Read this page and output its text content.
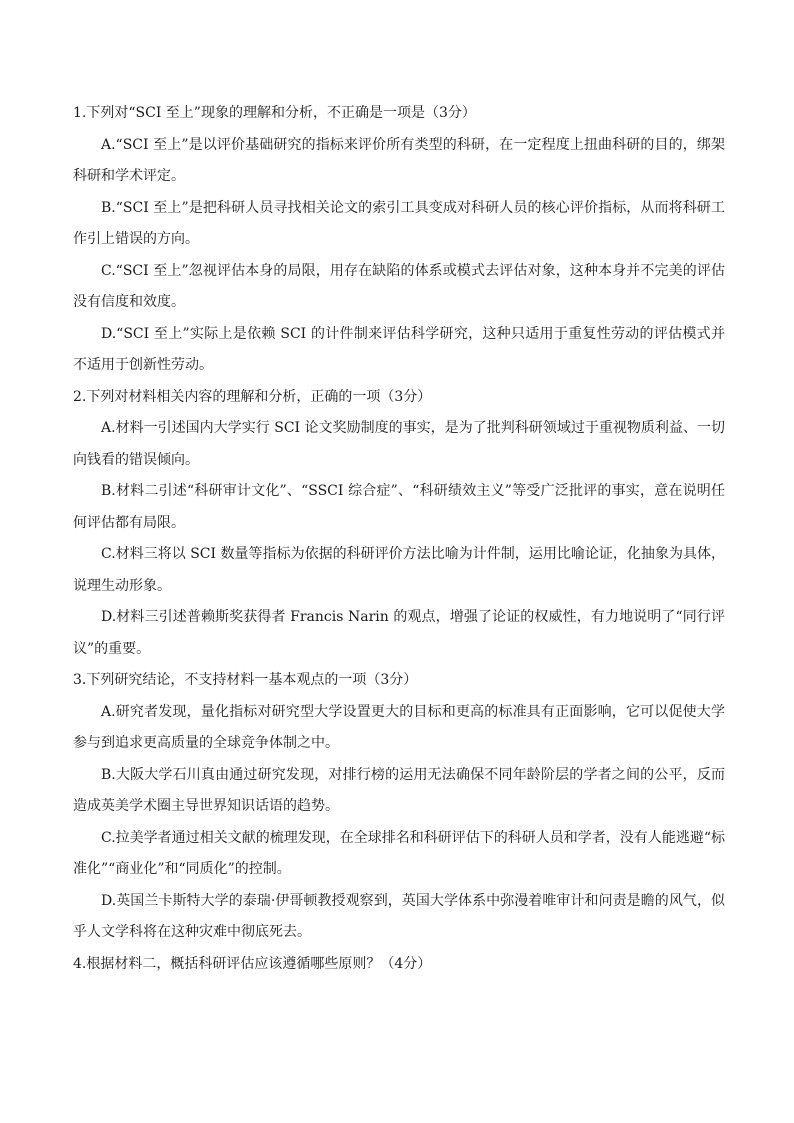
1.下列对“SCI 至上”现象的理解和分析，不正确是一项是（3分）

A.“SCI 至上”是以评价基础研究的指标来评价所有类型的科研，在一定程度上扭曲科研的目的，绑架科研和学术评定。

B.“SCI 至上”是把科研人员寻找相关论文的索引工具变成对科研人员的核心评价指标，从而将科研工作引上错误的方向。

C.“SCI 至上”忽视评估本身的局限，用存在缺陷的体系或模式去评估对象，这种本身并不完美的评估没有信度和效度。

D.“SCI 至上”实际上是依赖 SCI 的计件制来评估科学研究，这种只适用于重复性劳动的评估模式并不适用于创新性劳动。

2.下列对材料相关内容的理解和分析，正确的一项（3分）

A.材料一引述国内大学实行 SCI 论文奖励制度的事实，是为了批判科研领域过于重视物质利益、一切向钱看的错误倾向。

B.材料二引述“科研审计文化”、“SSCI 综合症”、“科研绩效主义”等受广泛批评的事实，意在说明任何评估都有局限。

C.材料三将以 SCI 数量等指标为依据的科研评价方法比喻为计件制，运用比喻论证，化抽象为具体，说理生动形象。

D.材料三引述普赖斯奖获得者 Francis Narin 的观点，增强了论证的权威性，有力地说明了“同行评议”的重要。

3.下列研究结论，不支持材料一基本观点的一项（3分）

A.研究者发现，量化指标对研究型大学设置更大的目标和更高的标准具有正面影响，它可以促使大学参与到追求更高质量的全球竞争体制之中。

B.大阪大学石川真由通过研究发现，对排行榜的运用无法确保不同年龄阶层的学者之间的公平，反而造成英美学术圈主导世界知识话语的趋势。

C.拉美学者通过相关文献的梳理发现，在全球排名和科研评估下的科研人员和学者，没有人能逃避“标准化”“商业化”和“同质化”的控制。

D.英国兰卡斯特大学的泰瑞·伊哥顿教授观察到，英国大学体系中弥漫着唯审计和问责是瞻的风气，似乎人文学科将在这种灾难中彻底死去。

4.根据材料二，概括科研评估应该遵循哪些原则？（4分）
